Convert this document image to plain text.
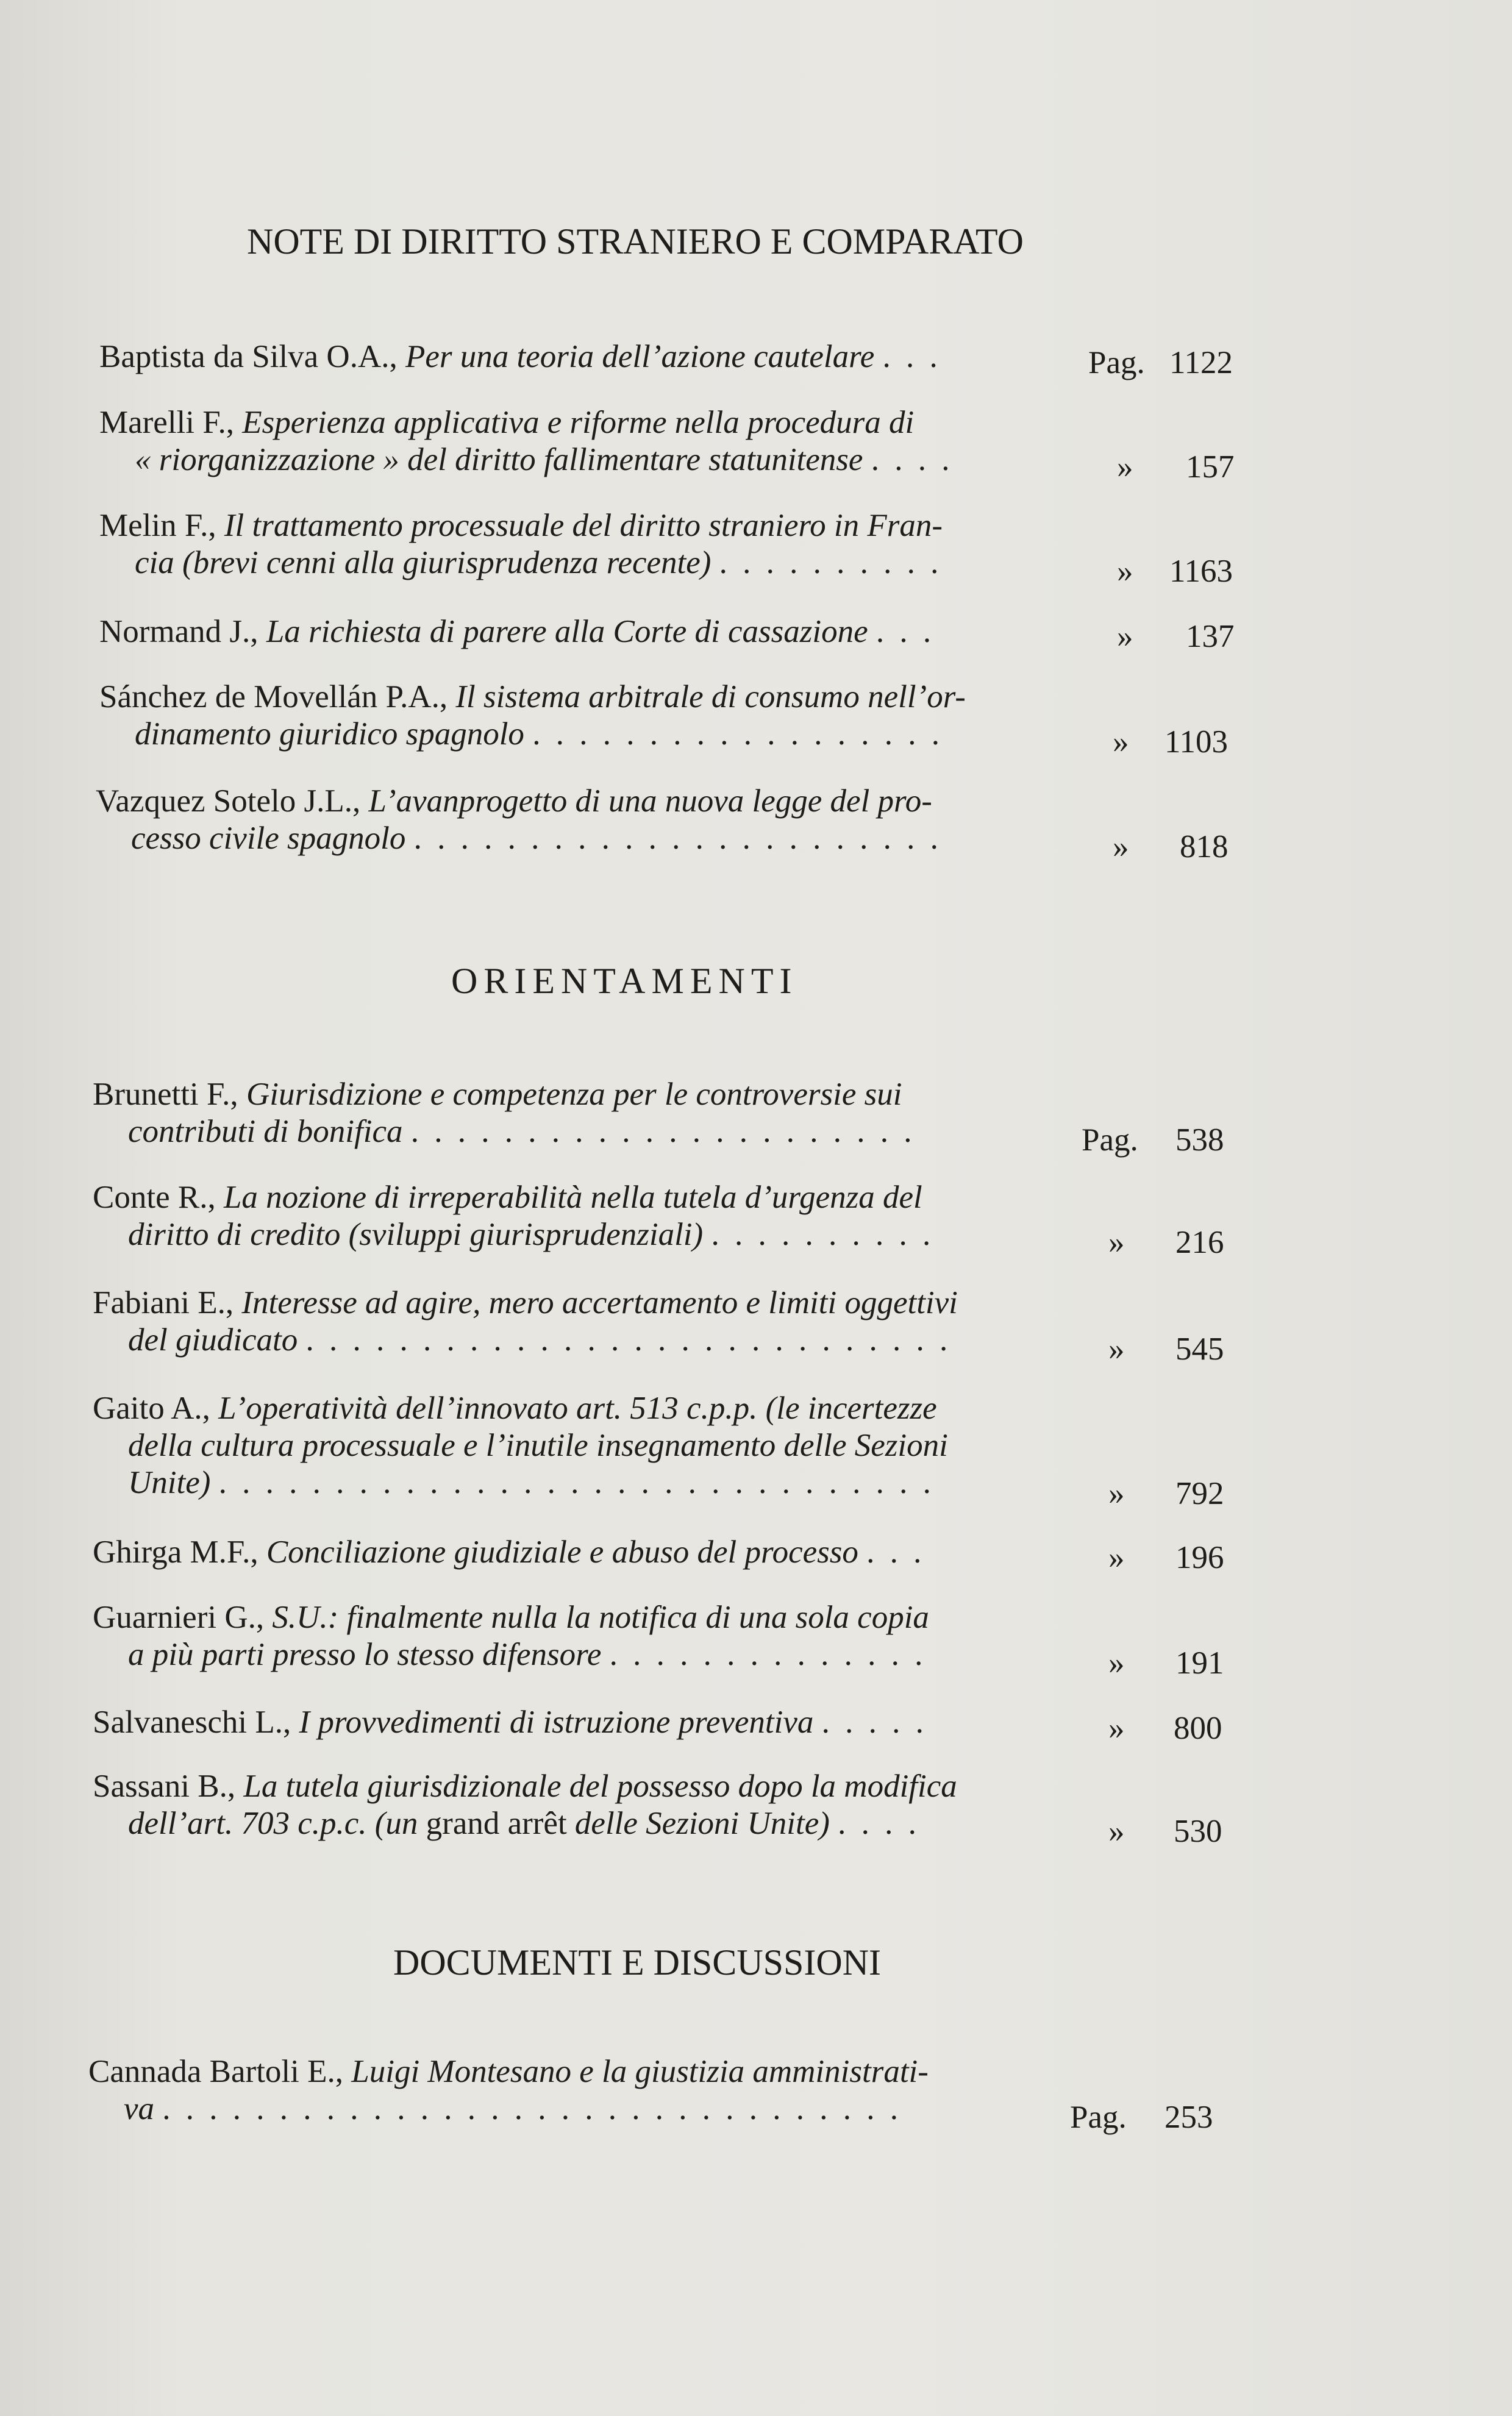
NOTE DI DIRITTO STRANIERO E COMPARATO
Baptista da Silva O.A., Per una teoria dell’azione cautelare . . .	Pag. 1122
Marelli F., Esperienza applicativa e riforme nella procedura di
« riorganizzazione » del diritto fallimentare statunitense . . . .	» 157
Melin F., Il trattamento processuale del diritto straniero in Fran-
cia (brevi cenni alla giurisprudenza recente) . . . . . . . . . .	» 1163
Normand J., La richiesta di parere alla Corte di cassazione . . .	» 137
Sánchez de Movellán P.A., Il sistema arbitrale di consumo nell’or-
dinamento giuridico spagnolo . . . . . . . . . . . . . . . . . .	» 1103
Vazquez Sotelo J.L., L’avanprogetto di una nuova legge del pro-
cesso civile spagnolo . . . . . . . . . . . . . . . . . . . . . . .	» 818
ORIENTAMENTI
Brunetti F., Giurisdizione e competenza per le controversie sui
contributi di bonifica . . . . . . . . . . . . . . . . . . . . . .	Pag. 538
Conte R., La nozione di irreperabilità nella tutela d’urgenza del
diritto di credito (sviluppi giurisprudenziali) . . . . . . . . . .	» 216
Fabiani E., Interesse ad agire, mero accertamento e limiti oggettivi
del giudicato . . . . . . . . . . . . . . . . . . . . . . . . . . . .	» 545
Gaito A., L’operatività dell’innovato art. 513 c.p.p. (le incertezze
della cultura processuale e l’inutile insegnamento delle Sezioni
Unite) . . . . . . . . . . . . . . . . . . . . . . . . . . . . . . .	» 792
Ghirga M.F., Conciliazione giudiziale e abuso del processo . . .	» 196
Guarnieri G., S.U.: finalmente nulla la notifica di una sola copia
a più parti presso lo stesso difensore . . . . . . . . . . . . . .	» 191
Salvaneschi L., I provvedimenti di istruzione preventiva . . . . .	» 800
Sassani B., La tutela giurisdizionale del possesso dopo la modifica
dell’art. 703 c.p.c. (un grand arrêt delle Sezioni Unite) . . . .	» 530
DOCUMENTI E DISCUSSIONI
Cannada Bartoli E., Luigi Montesano e la giustizia amministrati-
va . . . . . . . . . . . . . . . . . . . . . . . . . . . . . . . .	Pag. 253
